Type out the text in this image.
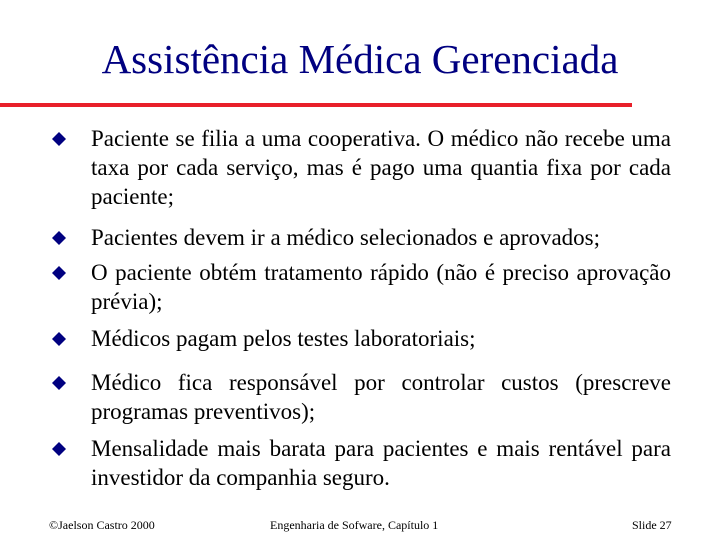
Assistência Médica Gerenciada
Paciente se filia a uma cooperativa. O médico não recebe uma taxa por cada serviço, mas é pago uma quantia fixa por cada paciente;
Pacientes devem ir a médico selecionados e aprovados;
O paciente obtém tratamento rápido (não é preciso aprovação prévia);
Médicos pagam pelos testes laboratoriais;
Médico fica responsável por controlar custos (prescreve programas preventivos);
Mensalidade mais barata para pacientes e mais rentável para investidor da companhia seguro.
©Jaelson Castro 2000	Engenharia de Sofware, Capítulo 1	Slide 27
